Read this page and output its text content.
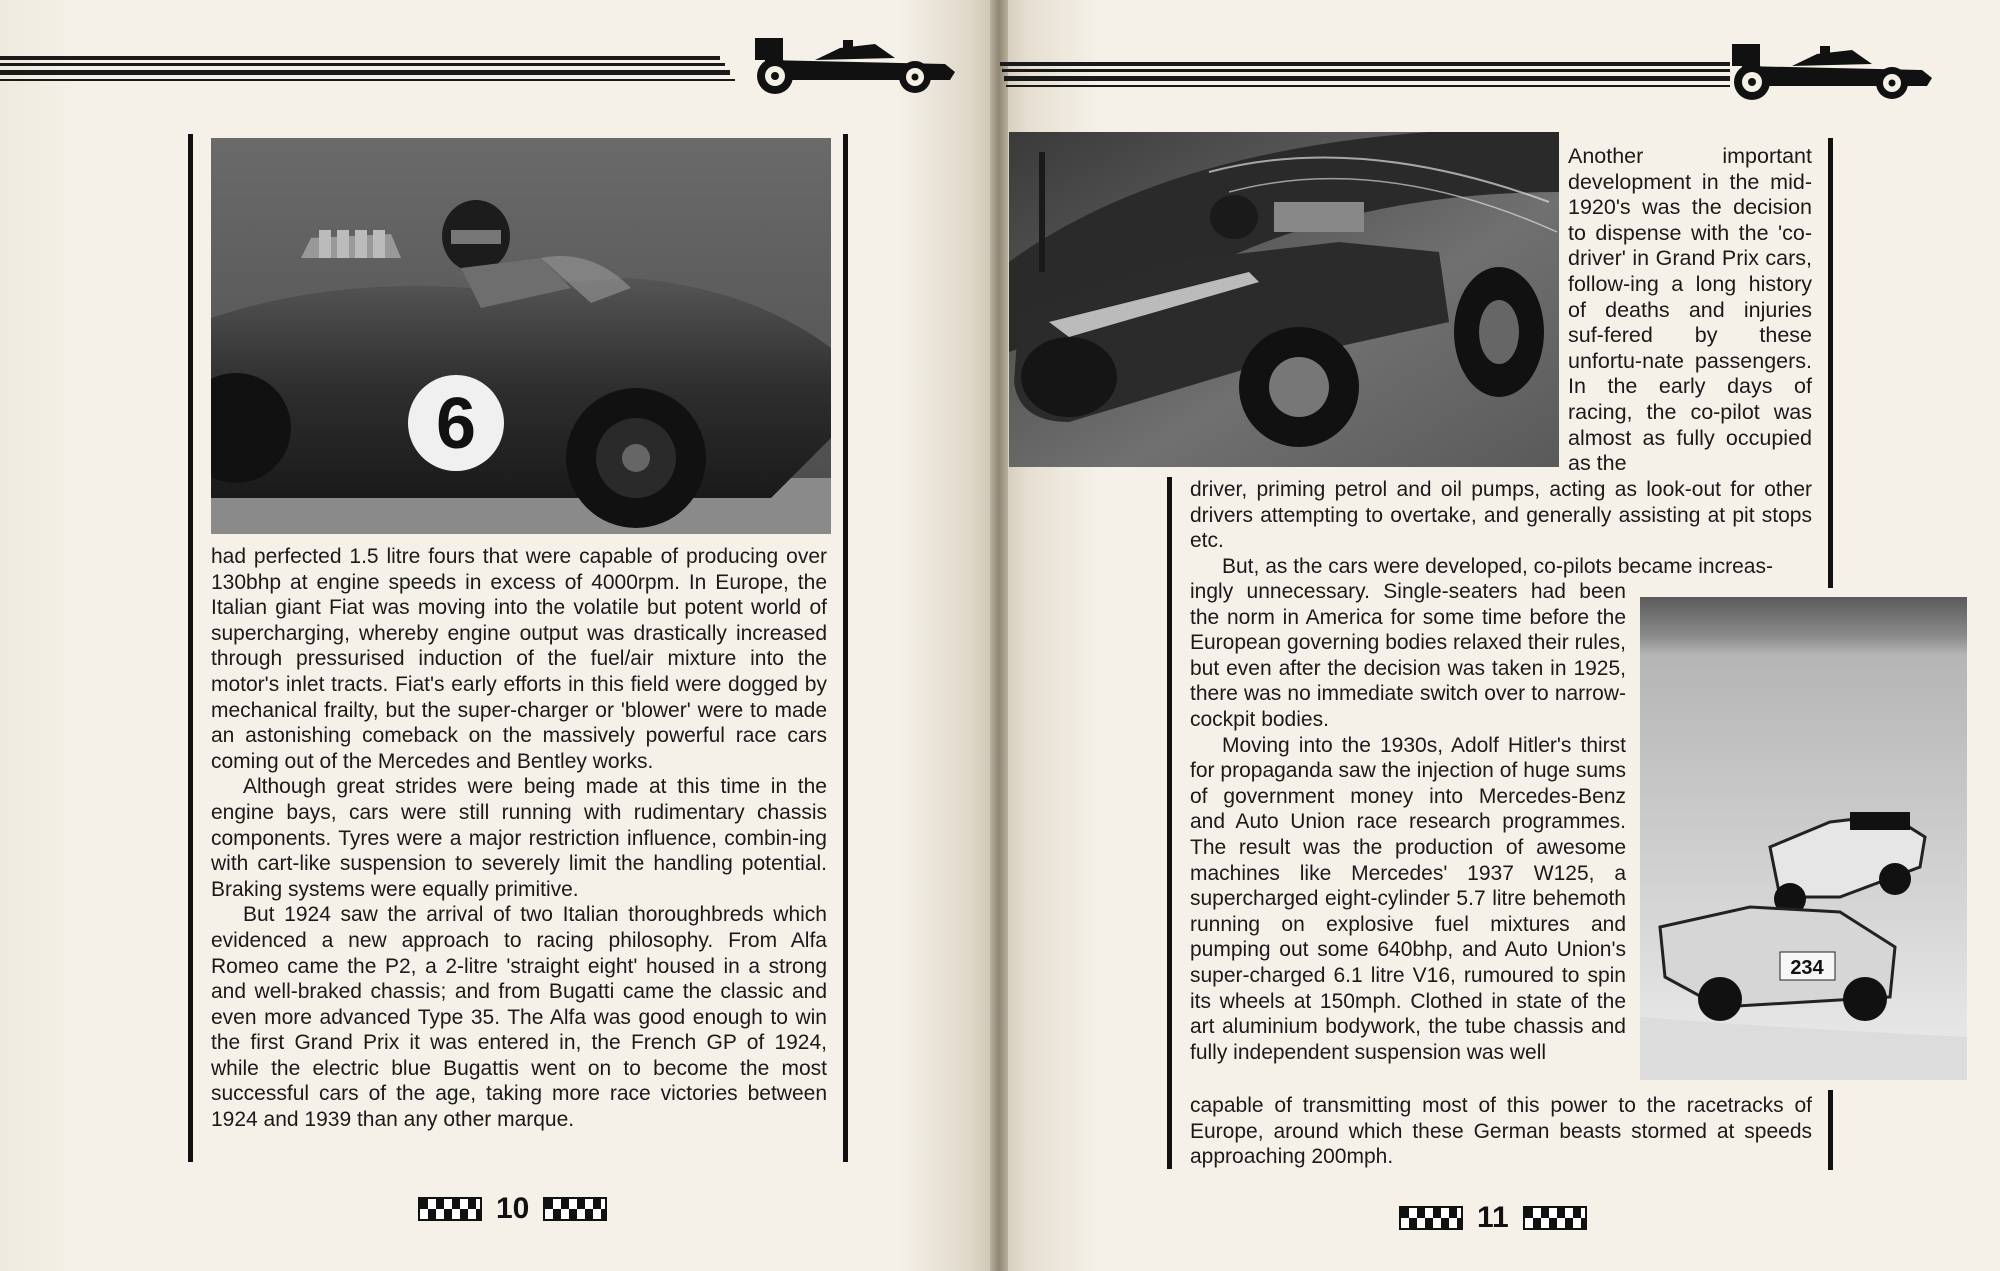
6

had perfected 1.5 litre fours that were capable of producing over 130bhp at engine speeds in excess of 4000rpm. In Europe, the Italian giant Fiat was moving into the volatile but potent world of supercharging, whereby engine output was drastically increased through pressurised induction of the fuel/air mixture into the motor's inlet tracts. Fiat's early efforts in this field were dogged by mechanical frailty, but the super-charger or 'blower' were to made an astonishing comeback on the massively powerful race cars coming out of the Mercedes and Bentley works.

Although great strides were being made at this time in the engine bays, cars were still running with rudimentary chassis components. Tyres were a major restriction influence, combin-ing with cart-like suspension to severely limit the handling potential. Braking systems were equally primitive.

But 1924 saw the arrival of two Italian thoroughbreds which evidenced a new approach to racing philosophy. From Alfa Romeo came the P2, a 2-litre 'straight eight' housed in a strong and well-braked chassis; and from Bugatti came the classic and even more advanced Type 35. The Alfa was good enough to win the first Grand Prix it was entered in, the French GP of 1924, while the electric blue Bugattis went on to become the most successful cars of the age, taking more race victories between 1924 and 1939 than any other marque.

10

Another important development in the mid-1920's was the decision to dispense with the 'co-driver' in Grand Prix cars, follow-ing a long history of deaths and injuries suf-fered by these unfortu-nate passengers. In the early days of racing, the co-pilot was almost as fully occupied as the

driver, priming petrol and oil pumps, acting as look-out for other drivers attempting to overtake, and generally assisting at pit stops etc.

But, as the cars were developed, co-pilots became increas-

234

ingly unnecessary. Single-seaters had been the norm in America for some time before the European governing bodies relaxed their rules, but even after the decision was taken in 1925, there was no immediate switch over to narrow-cockpit bodies.

Moving into the 1930s, Adolf Hitler's thirst for propaganda saw the injection of huge sums of government money into Mercedes-Benz and Auto Union race research programmes. The result was the production of awesome machines like Mercedes' 1937 W125, a supercharged eight-cylinder 5.7 litre behemoth running on explosive fuel mixtures and pumping out some 640bhp, and Auto Union's super-charged 6.1 litre V16, rumoured to spin its wheels at 150mph. Clothed in state of the art aluminium bodywork, the tube chassis and fully independent suspension was well

capable of transmitting most of this power to the racetracks of Europe, around which these German beasts stormed at speeds approaching 200mph.

11
